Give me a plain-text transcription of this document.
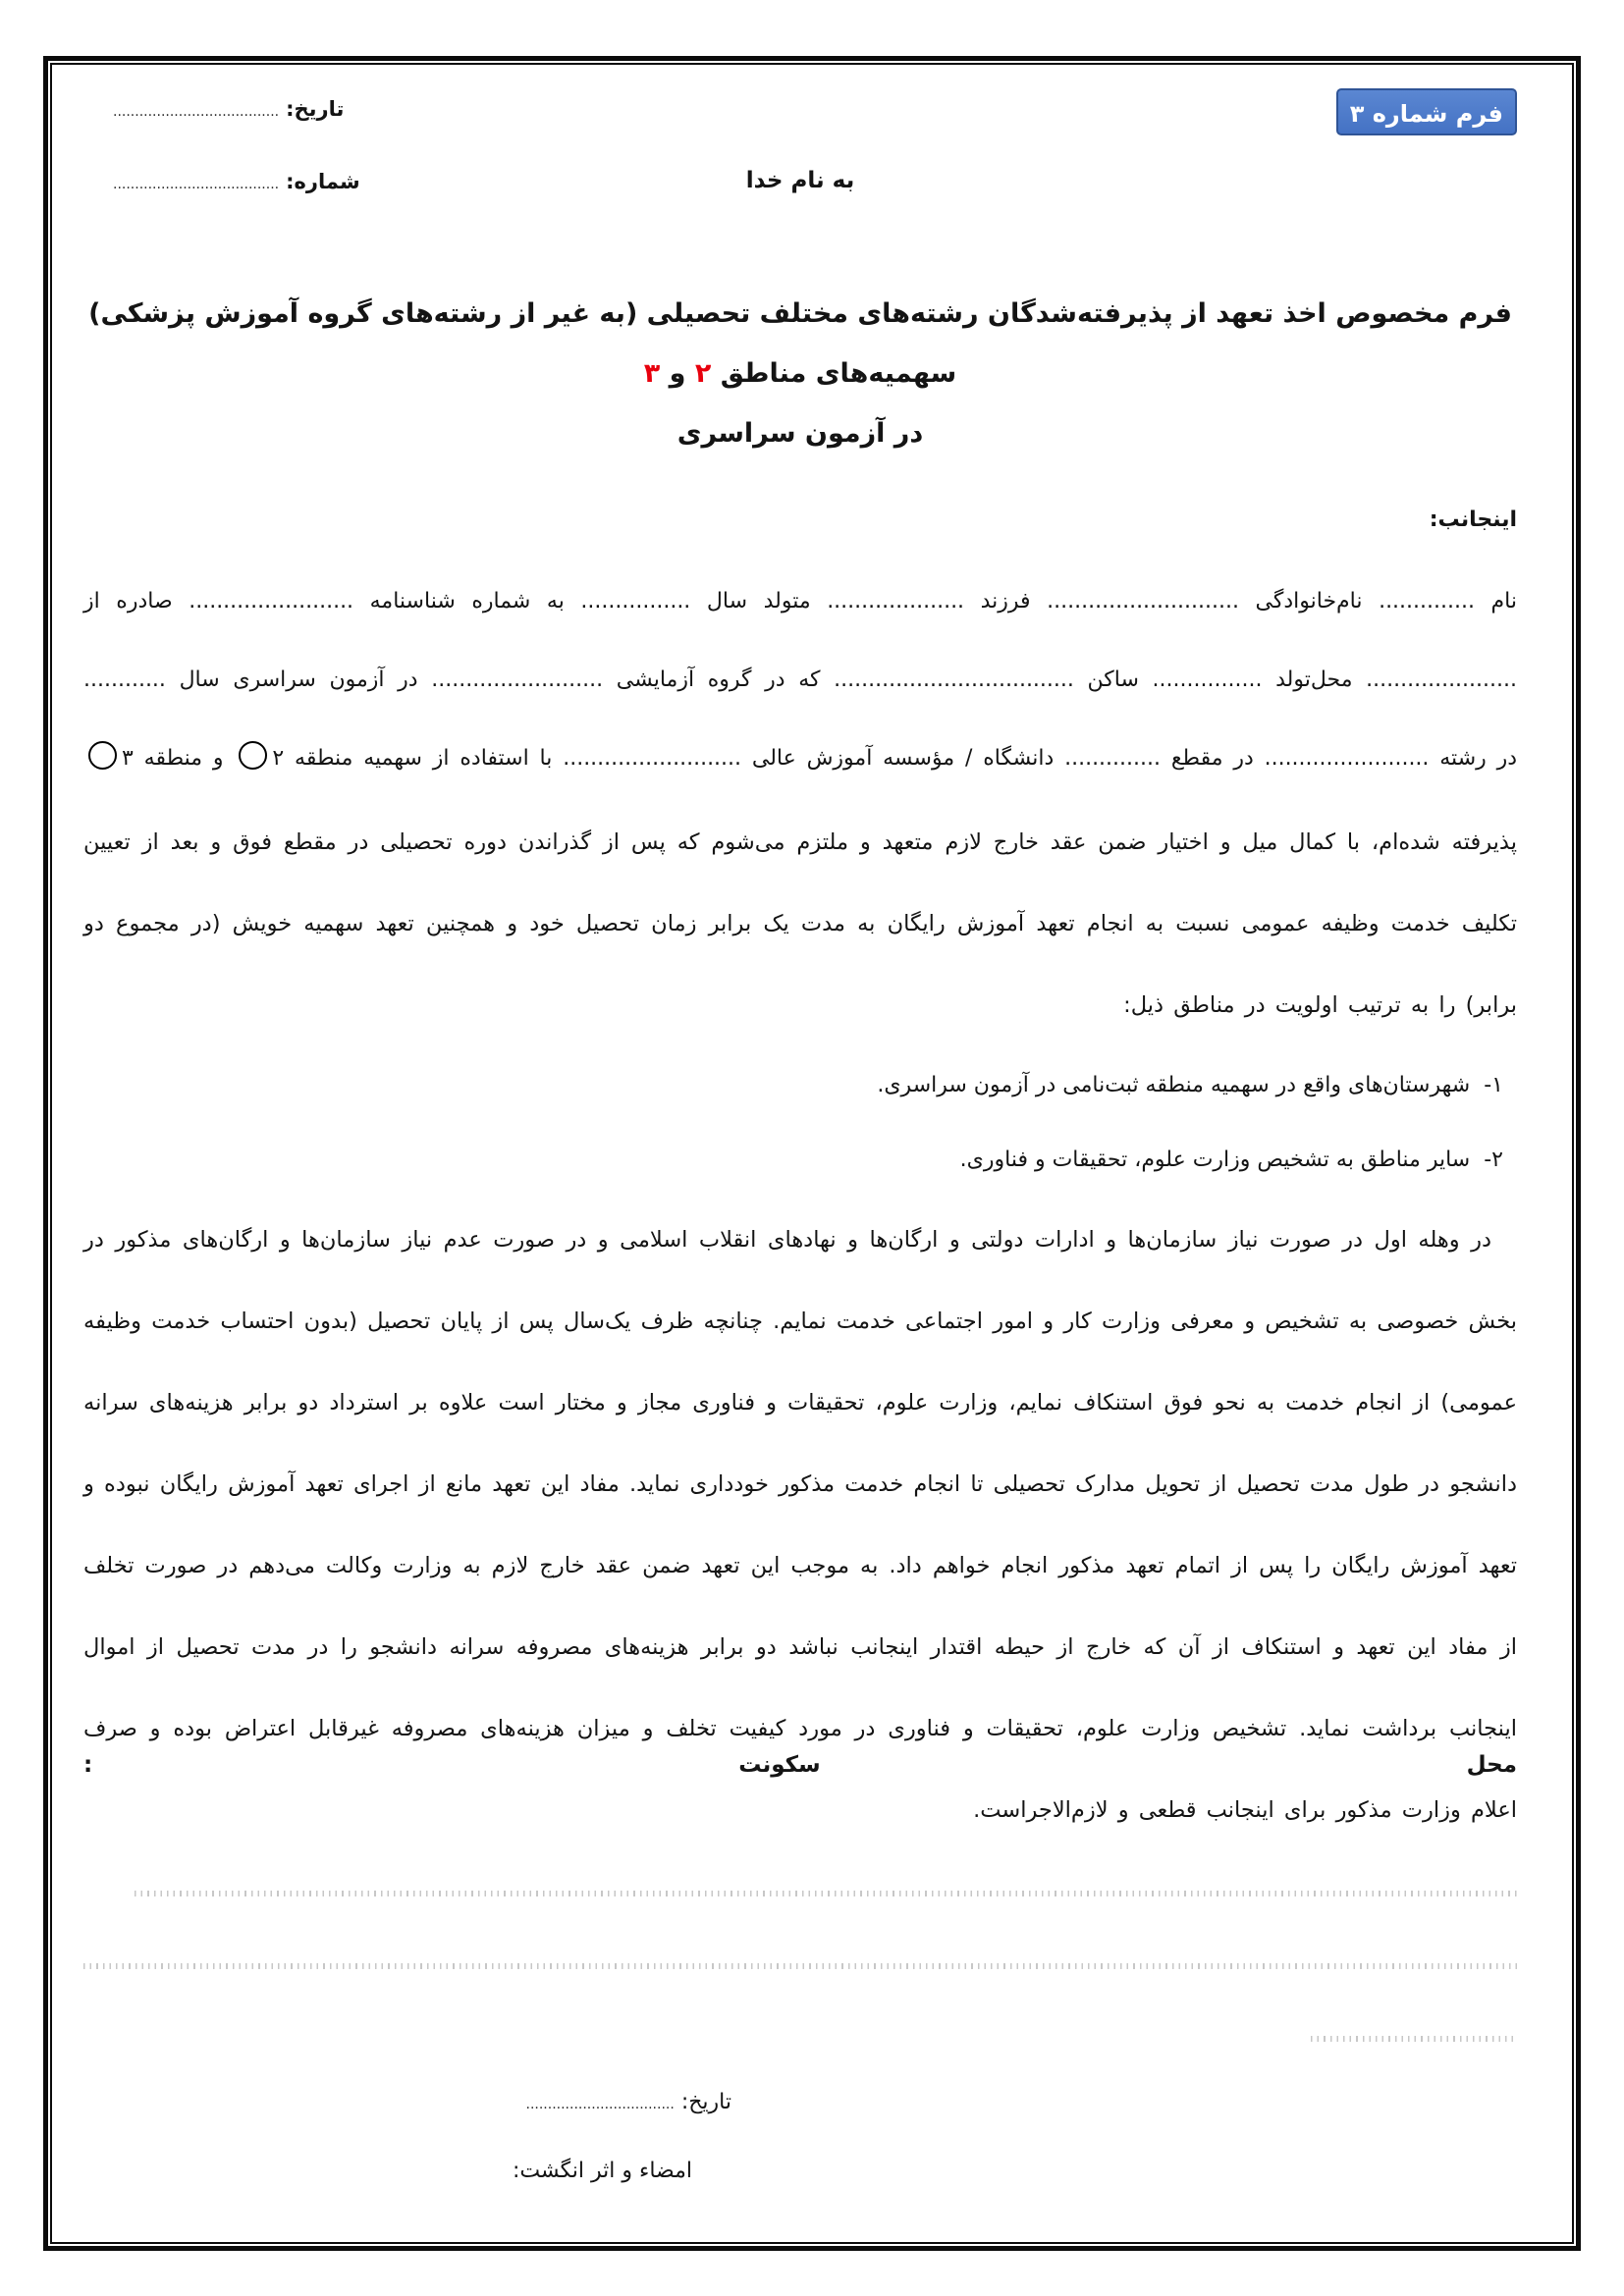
فرم شماره ۳
تاریخ: ......................................
به نام خدا
شماره: ......................................
فرم مخصوص اخذ تعهد از پذیرفته‌شدگان رشته‌های مختلف تحصیلی (به غیر از رشته‌های گروه آموزش پزشکی) سهمیه‌های مناطق ۲ و ۳
در آزمون سراسری
اینجانب:
نام .............. نام‌خانوادگی ............................ فرزند .................... متولد سال ................ به شماره شناسنامه ........................ صادره از
...................... محل‌تولد ................ ساکن ................................... که در گروه آزمایشی ......................... در آزمون سراسری سال ............
در رشته ........................ در مقطع .............. دانشگاه / مؤسسه آموزش عالی .......................... با استفاده از سهمیه منطقه ۲ و منطقه ۳
پذیرفته شده‌ام، با کمال میل و اختیار ضمن عقد خارج لازم متعهد و ملتزم می‌شوم که پس از گذراندن دوره تحصیلی در مقطع فوق و بعد از تعیین تکلیف خدمت وظیفه عمومی نسبت به انجام تعهد آموزش رایگان به مدت یک برابر زمان تحصیل خود و همچنین تعهد سهمیه خویش (در مجموع دو برابر) را به ترتیب اولویت در مناطق ذیل:
۱-شهرستان‌های واقع در سهمیه منطقه ثبت‌نامی در آزمون سراسری.
۲-سایر مناطق به تشخیص وزارت علوم، تحقیقات و فناوری.
در وهله اول در صورت نیاز سازمان‌ها و ادارات دولتی و ارگان‌ها و نهادهای انقلاب اسلامی و در صورت عدم نیاز سازمان‌ها و ارگان‌های مذکور در بخش خصوصی به تشخیص و معرفی وزارت کار و امور اجتماعی خدمت نمایم. چنانچه ظرف یک‌سال پس از پایان تحصیل (بدون احتساب خدمت وظیفه عمومی) از انجام خدمت به نحو فوق استنکاف نمایم، وزارت علوم، تحقیقات و فناوری مجاز و مختار است علاوه بر استرداد دو برابر هزینه‌های سرانه دانشجو در طول مدت تحصیل از تحویل مدارک تحصیلی تا انجام خدمت مذکور خودداری نماید. مفاد این تعهد مانع از اجرای تعهد آموزش رایگان نبوده و تعهد آموزش رایگان را پس از اتمام تعهد مذکور انجام خواهم داد. به موجب این تعهد ضمن عقد خارج لازم به وزارت وکالت می‌دهم در صورت تخلف از مفاد این تعهد و استنکاف از آن که خارج از حیطه اقتدار اینجانب نباشد دو برابر هزینه‌های مصروفه سرانه دانشجو را در مدت تحصیل از اموال اینجانب برداشت نماید. تشخیص وزارت علوم، تحقیقات و فناوری در مورد کیفیت تخلف و میزان هزینه‌های مصروفه غیرقابل اعتراض بوده و صرف اعلام وزارت مذکور برای اینجانب قطعی و لازم‌الاجراست.
محل
سکونت
:
تاریخ: ..................................
امضاء و اثر انگشت:
